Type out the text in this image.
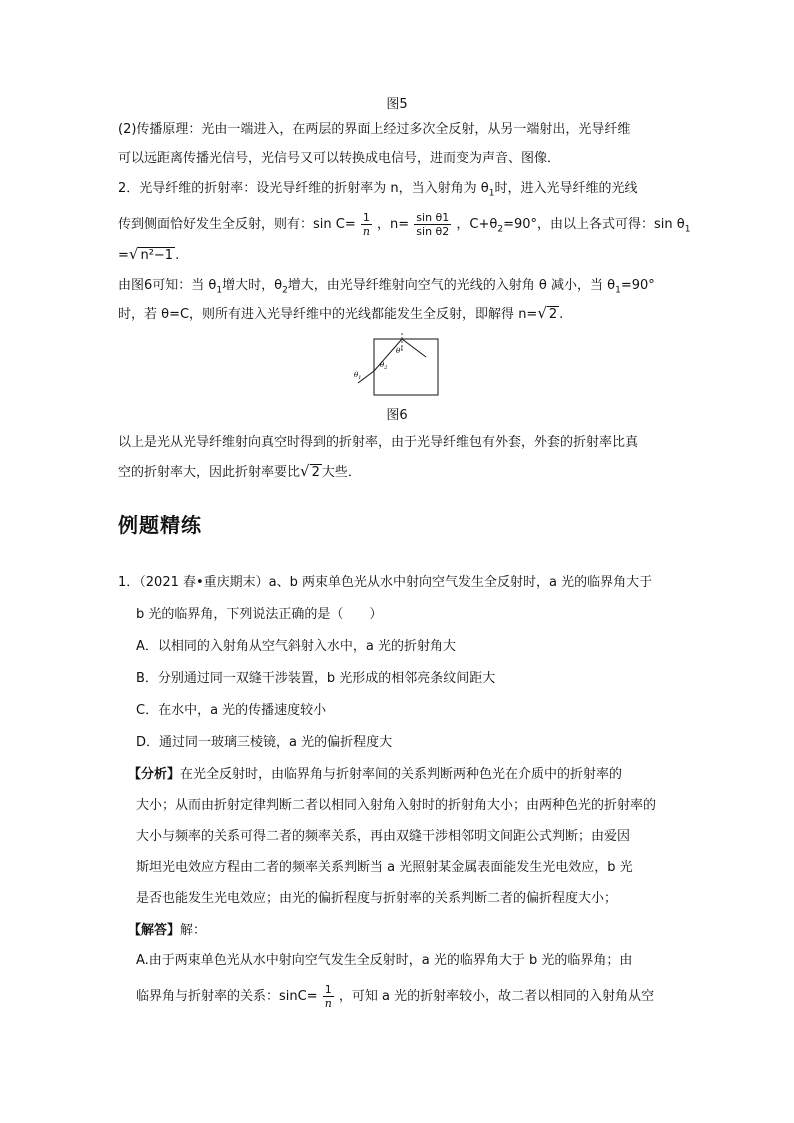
图5
(2)传播原理：光由一端进入，在两层的界面上经过多次全反射，从另一端射出，光导纤维
可以远距离传播光信号，光信号又可以转换成电信号，进而变为声音、图像．
2．光导纤维的折射率：设光导纤维的折射率为 n，当入射角为 $\theta_1$时，进入光导纤维的光线
传到侧面恰好发生全反射，则有：$\sin C= \frac{1}{n}$ ，$n= \frac{\text{sin θ1}}{\text{sin θ2}}$ ，$C+\theta_2=90^\circ$，由以上各式可得：$\sin \theta_1$
=√ n²−1 .
由图6可知：当 $\theta_1$增大时，$\theta_2$增大，由光导纤维射向空气的光线的入射角 θ 减小，当 $\theta_1=90^\circ$
时，若 θ=C，则所有进入光导纤维中的光线都能发生全反射，即解得 n=√ 2 .
$\theta_1$
$\theta_2$
$\theta^1$
图6
以上是光从光导纤维射向真空时得到的折射率，由于光导纤维包有外套，外套的折射率比真
空的折射率大，因此折射率要比√ 2 大些．
例题精练
1．（2021 春•重庆期末）a、b 两束单色光从水中射向空气发生全反射时，a 光的临界角大于
b 光的临界角，下列说法正确的是（　　）
A．以相同的入射角从空气斜射入水中，a 光的折射角大
B．分别通过同一双缝干涉装置，b 光形成的相邻亮条纹间距大
C．在水中，a 光的传播速度较小
D．通过同一玻璃三棱镜，a 光的偏折程度大
【分析】在光全反射时，由临界角与折射率间的关系判断两种色光在介质中的折射率的
大小；从而由折射定律判断二者以相同入射角入射时的折射角大小；由两种色光的折射率的
大小与频率的关系可得二者的频率关系，再由双缝干涉相邻明文间距公式判断；由爱因
斯坦光电效应方程由二者的频率关系判断当 a 光照射某金属表面能发生光电效应，b 光
是否也能发生光电效应；由光的偏折程度与折射率的关系判断二者的偏折程度大小；
【解答】解：
A.由于两束单色光从水中射向空气发生全反射时，a 光的临界角大于 b 光的临界角；由
临界角与折射率的关系：$\sin C= \frac{1}{n}$ ，可知 a 光的折射率较小，故二者以相同的入射角从空
